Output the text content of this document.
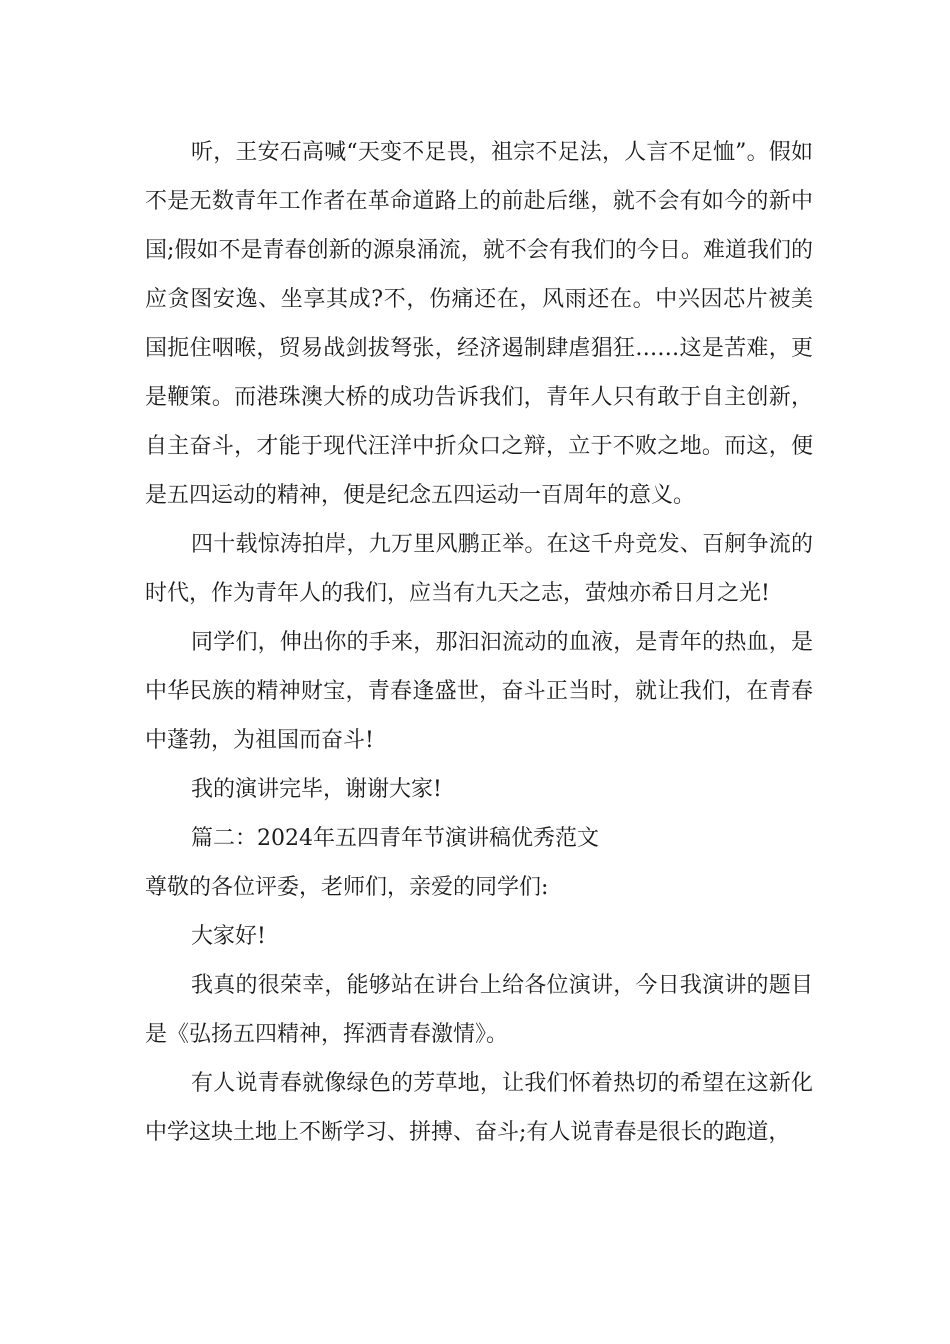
听，王安石高喊“天变不足畏，祖宗不足法，人言不足恤”。假如不是无数青年工作者在革命道路上的前赴后继，就不会有如今的新中国;假如不是青春创新的源泉涌流，就不会有我们的今日。难道我们的应贪图安逸、坐享其成?不，伤痛还在，风雨还在。中兴因芯片被美国扼住咽喉，贸易战剑拔弩张，经济遏制肆虐猖狂……这是苦难，更是鞭策。而港珠澳大桥的成功告诉我们，青年人只有敢于自主创新，自主奋斗，才能于现代汪洋中折众口之辩，立于不败之地。而这，便是五四运动的精神，便是纪念五四运动一百周年的意义。

四十载惊涛拍岸，九万里风鹏正举。在这千舟竞发、百舸争流的时代，作为青年人的我们，应当有九天之志，萤烛亦希日月之光!

同学们，伸出你的手来，那汩汩流动的血液，是青年的热血，是中华民族的精神财宝，青春逢盛世，奋斗正当时，就让我们，在青春中蓬勃，为祖国而奋斗!

我的演讲完毕，谢谢大家!

篇二：2024年五四青年节演讲稿优秀范文

尊敬的各位评委，老师们，亲爱的同学们:

大家好!

我真的很荣幸，能够站在讲台上给各位演讲，今日我演讲的题目是《弘扬五四精神，挥洒青春激情》。

有人说青春就像绿色的芳草地，让我们怀着热切的希望在这新化中学这块土地上不断学习、拼搏、奋斗;有人说青春是很长的跑道，
